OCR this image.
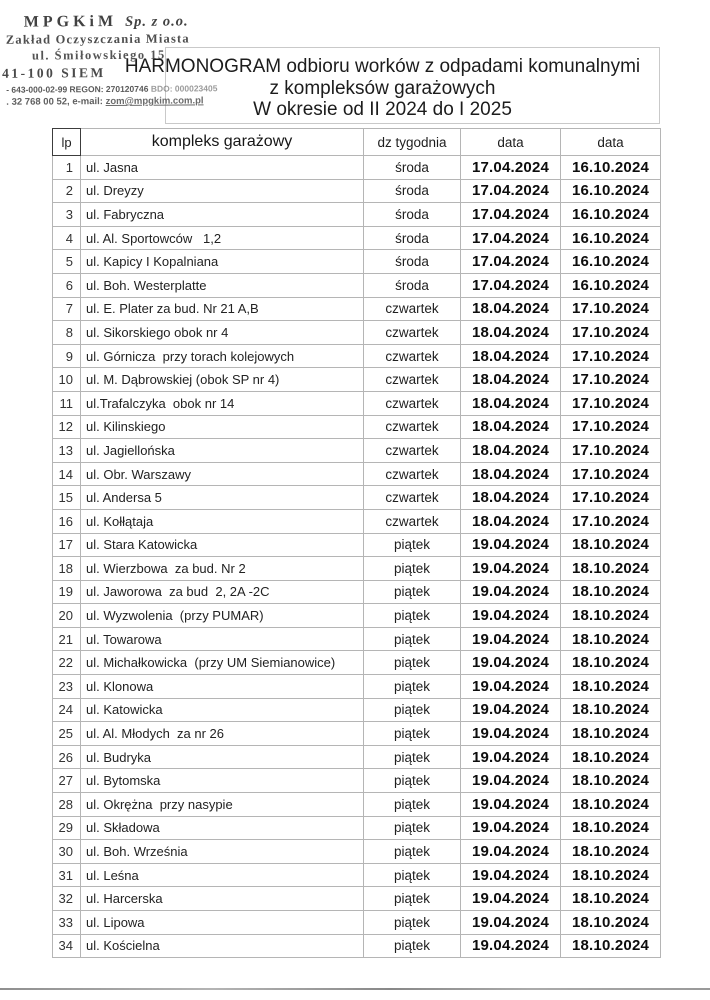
MPGKiM Sp. z o.o.
Zakład Oczyszczania Miasta
ul. Śmiłowskiego 15
41-100 SIEM
- 643-000-02-99 REGON: 270120746 BDO: 000023405
. 32 768 00 52, e-mail: zom@mpgkim.com.pl
HARMONOGRAM odbioru worków z odpadami komunalnymi
z kompleksów garażowych
W okresie od II 2024 do I 2025
lp	kompleks garażowy	dz tygodnia	data	data
1	ul. Jasna	środa	17.04.2024	16.10.2024
2	ul. Dreyzy	środa	17.04.2024	16.10.2024
3	ul. Fabryczna	środa	17.04.2024	16.10.2024
4	ul. Al. Sportowców   1,2	środa	17.04.2024	16.10.2024
5	ul. Kapicy I Kopalniana	środa	17.04.2024	16.10.2024
6	ul. Boh. Westerplatte	środa	17.04.2024	16.10.2024
7	ul. E. Plater za bud. Nr 21 A,B	czwartek	18.04.2024	17.10.2024
8	ul. Sikorskiego obok nr 4	czwartek	18.04.2024	17.10.2024
9	ul. Górnicza  przy torach kolejowych	czwartek	18.04.2024	17.10.2024
10	ul. M. Dąbrowskiej (obok SP nr 4)	czwartek	18.04.2024	17.10.2024
11	ul.Trafalczyka  obok nr 14	czwartek	18.04.2024	17.10.2024
12	ul. Kilinskiego	czwartek	18.04.2024	17.10.2024
13	ul. Jagiellońska	czwartek	18.04.2024	17.10.2024
14	ul. Obr. Warszawy	czwartek	18.04.2024	17.10.2024
15	ul. Andersa 5	czwartek	18.04.2024	17.10.2024
16	ul. Kołłątaja	czwartek	18.04.2024	17.10.2024
17	ul. Stara Katowicka	piątek	19.04.2024	18.10.2024
18	ul. Wierzbowa  za bud. Nr 2	piątek	19.04.2024	18.10.2024
19	ul. Jaworowa  za bud  2, 2A -2C	piątek	19.04.2024	18.10.2024
20	ul. Wyzwolenia  (przy PUMAR)	piątek	19.04.2024	18.10.2024
21	ul. Towarowa	piątek	19.04.2024	18.10.2024
22	ul. Michałkowicka  (przy UM Siemianowice)	piątek	19.04.2024	18.10.2024
23	ul. Klonowa	piątek	19.04.2024	18.10.2024
24	ul. Katowicka	piątek	19.04.2024	18.10.2024
25	ul. Al. Młodych  za nr 26	piątek	19.04.2024	18.10.2024
26	ul. Budryka	piątek	19.04.2024	18.10.2024
27	ul. Bytomska	piątek	19.04.2024	18.10.2024
28	ul. Okrężna  przy nasypie	piątek	19.04.2024	18.10.2024
29	ul. Składowa	piątek	19.04.2024	18.10.2024
30	ul. Boh. Września	piątek	19.04.2024	18.10.2024
31	ul. Leśna	piątek	19.04.2024	18.10.2024
32	ul. Harcerska	piątek	19.04.2024	18.10.2024
33	ul. Lipowa	piątek	19.04.2024	18.10.2024
34	ul. Kościelna	piątek	19.04.2024	18.10.2024
